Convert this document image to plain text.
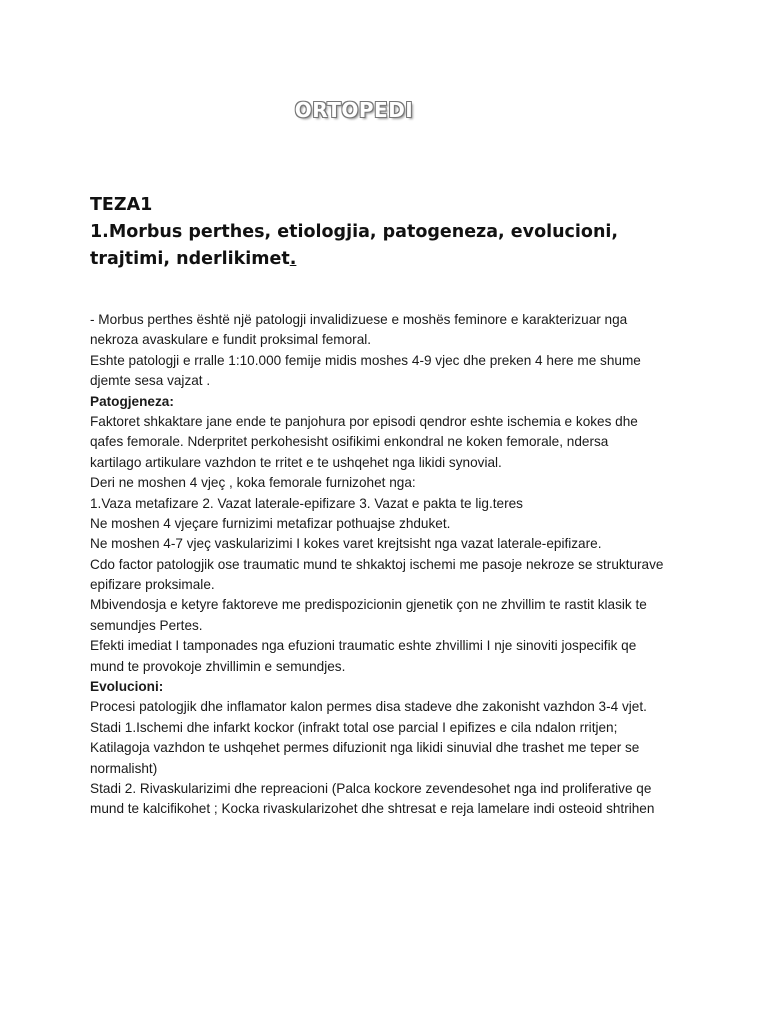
ORTOPEDI
TEZA1
1.Morbus perthes, etiologjia, patogeneza, evolucioni, trajtimi, nderlikimet.
- Morbus perthes është një patologji invalidizuese e moshës feminore e karakterizuar nga
nekroza avaskulare e fundit proksimal femoral.
Eshte patologji e rralle 1:10.000 femije midis moshes 4-9 vjec dhe preken 4 here me shume
djemte sesa vajzat .
Patogjeneza:
Faktoret shkaktare jane ende te panjohura por episodi qendror eshte ischemia e kokes dhe
qafes femorale. Nderpritet perkohesisht osifikimi enkondral ne koken femorale, ndersa
kartilago artikulare vazhdon te rritet e te ushqehet nga likidi synovial.
Deri ne moshen 4 vjeç , koka femorale furnizohet nga:
1.Vaza metafizare 2. Vazat laterale-epifizare 3. Vazat e pakta te lig.teres
Ne moshen 4 vjeçare furnizimi metafizar pothuajse zhduket.
Ne moshen 4-7 vjeç vaskularizimi I kokes varet krejtsisht nga vazat laterale-epifizare.
Cdo factor patologjik ose traumatic mund te shkaktoj ischemi me pasoje nekroze se strukturave
epifizare proksimale.
Mbivendosja e ketyre faktoreve me predispozicionin gjenetik çon ne zhvillim te rastit klasik te
semundjes Pertes.
Efekti imediat I tamponades nga efuzioni traumatic eshte zhvillimi I nje sinoviti jospecifik qe
mund te provokoje zhvillimin e semundjes.
Evolucioni:
Procesi patologjik dhe inflamator kalon permes disa stadeve dhe zakonisht vazhdon 3-4 vjet.
Stadi 1.Ischemi dhe infarkt kockor (infrakt total ose parcial I epifizes e cila ndalon rritjen;
Katilagoja vazhdon te ushqehet permes difuzionit nga likidi sinuvial dhe trashet me teper se
normalisht)
Stadi 2. Rivaskularizimi dhe repreacioni (Palca kockore zevendesohet nga ind proliferative qe
mund te kalcifikohet ; Kocka rivaskularizohet dhe shtresat e reja lamelare indi osteoid shtrihen
